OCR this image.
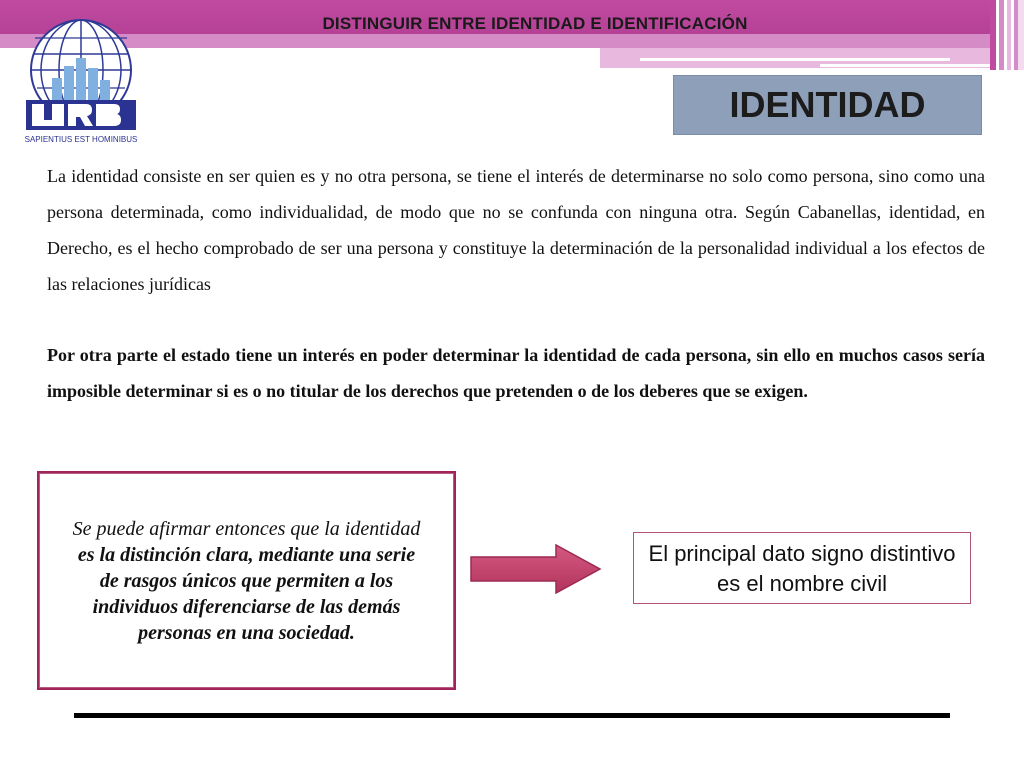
DISTINGUIR ENTRE IDENTIDAD E IDENTIFICACIÓN
SAPIENTIUS EST HOMINIBUS
IDENTIDAD
La identidad consiste en ser quien es y no otra persona, se tiene el interés de determinarse no solo como persona, sino como una persona determinada, como individualidad, de modo que no se confunda con ninguna otra. Según Cabanellas, identidad, en Derecho, es el hecho comprobado de ser una persona y constituye la determinación de la personalidad individual a los efectos de las relaciones jurídicas
Por otra parte el estado tiene un interés en poder determinar la identidad de cada persona, sin ello en muchos casos sería imposible determinar si es o no titular de los derechos que pretenden o de los deberes que se exigen.
Se puede afirmar entonces que la identidad es la distinción clara, mediante una serie de rasgos únicos que permiten a los individuos diferenciarse de las demás personas en una sociedad.
El principal dato signo distintivo es el nombre civil
